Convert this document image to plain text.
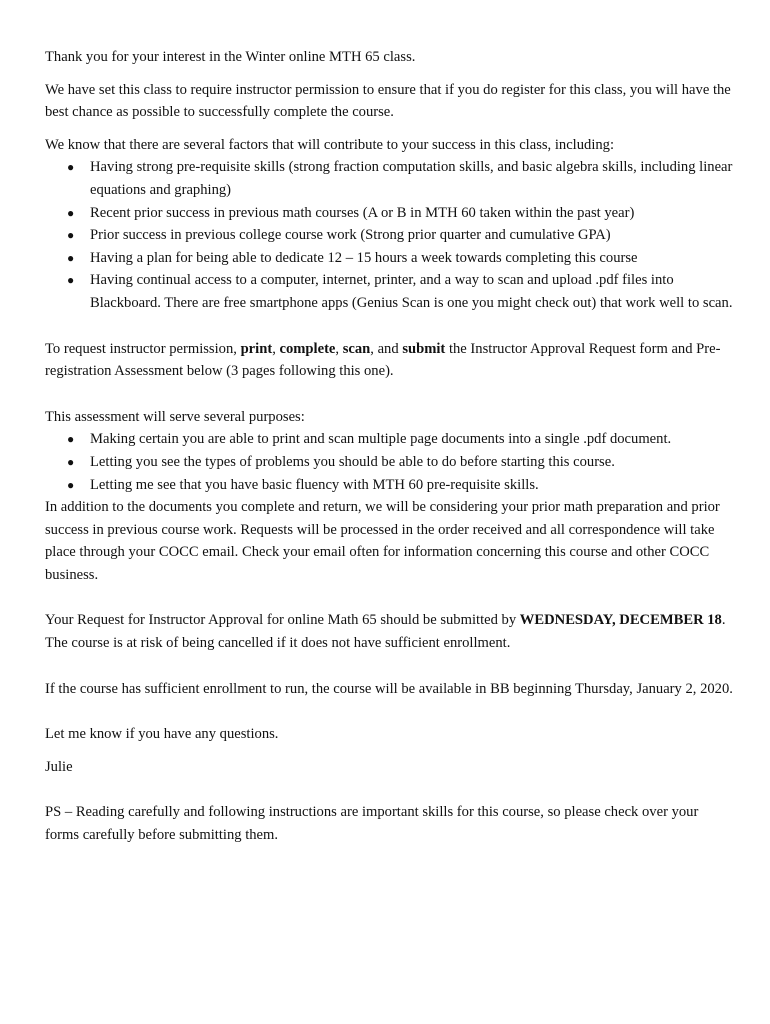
Thank you for your interest in the Winter online MTH 65 class.

We have set this class to require instructor permission to ensure that if you do register for this class, you will have the best chance as possible to successfully complete the course.

We know that there are several factors that will contribute to your success in this class, including:

● Having strong pre-requisite skills (strong fraction computation skills, and basic algebra skills, including linear equations and graphing)
● Recent prior success in previous math courses (A or B in MTH 60 taken within the past year)
● Prior success in previous college course work (Strong prior quarter and cumulative GPA)
● Having a plan for being able to dedicate 12 – 15 hours a week towards completing this course
● Having continual access to a computer, internet, printer, and a way to scan and upload .pdf files into Blackboard. There are free smartphone apps (Genius Scan is one you might check out) that work well to scan.

To request instructor permission, print, complete, scan, and submit the Instructor Approval Request form and Pre-registration Assessment below (3 pages following this one).

This assessment will serve several purposes:

● Making certain you are able to print and scan multiple page documents into a single .pdf document.
● Letting you see the types of problems you should be able to do before starting this course.
● Letting me see that you have basic fluency with MTH 60 pre-requisite skills.

In addition to the documents you complete and return, we will be considering your prior math preparation and prior success in previous course work. Requests will be processed in the order received and all correspondence will take place through your COCC email. Check your email often for information concerning this course and other COCC business.

Your Request for Instructor Approval for online Math 65 should be submitted by WEDNESDAY, DECEMBER 18. The course is at risk of being cancelled if it does not have sufficient enrollment.

If the course has sufficient enrollment to run, the course will be available in BB beginning Thursday, January 2, 2020.

Let me know if you have any questions.

Julie

PS – Reading carefully and following instructions are important skills for this course, so please check over your forms carefully before submitting them.
